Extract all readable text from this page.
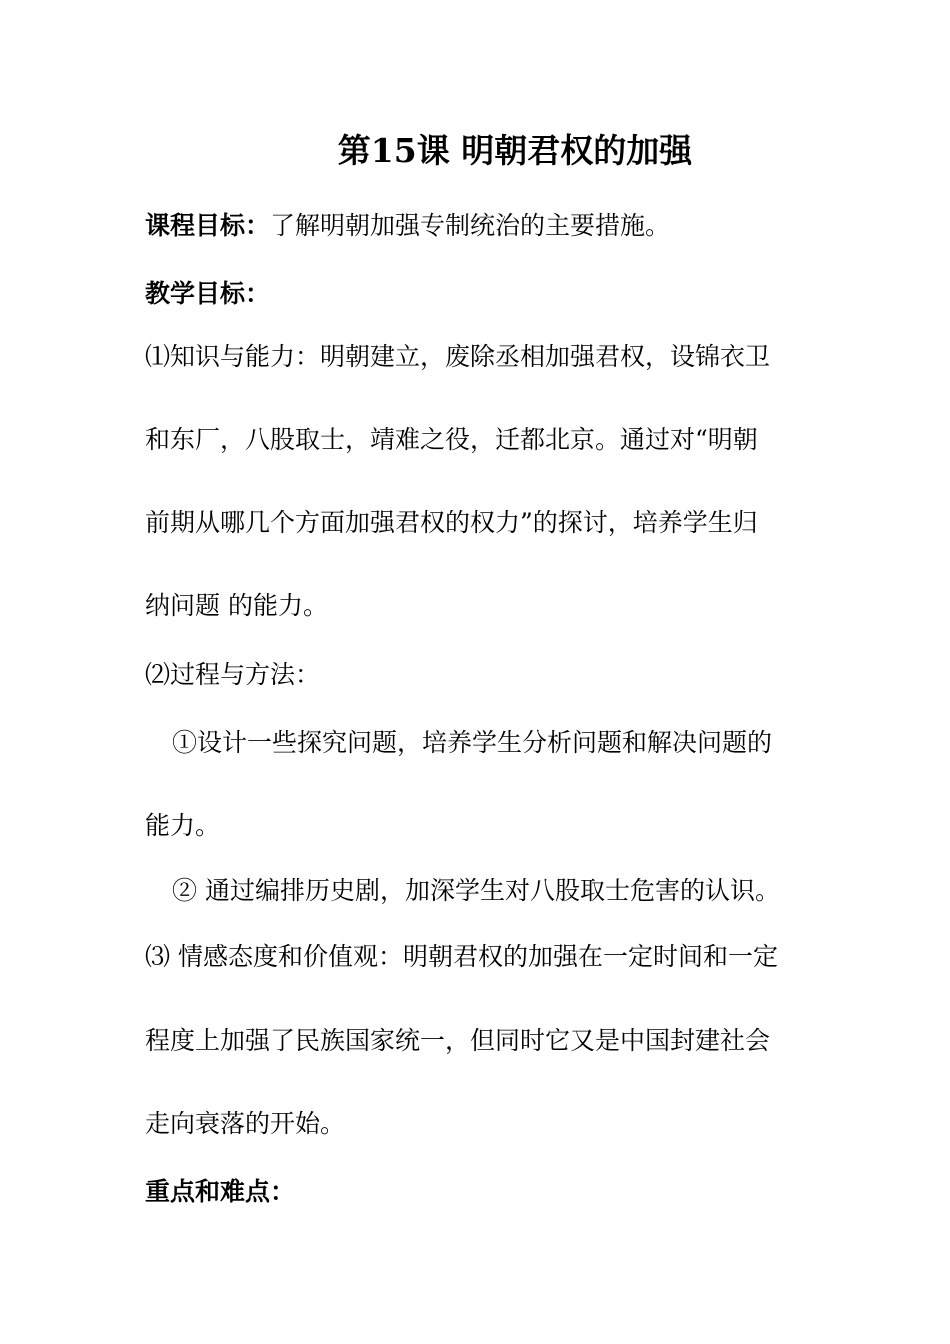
第15课 明朝君权的加强
课程目标：了解明朝加强专制统治的主要措施。
教学目标：
⑴知识与能力：明朝建立，废除丞相加强君权，设锦衣卫
和东厂，八股取士，靖难之役，迁都北京。通过对“明朝
前期从哪几个方面加强君权的权力”的探讨，培养学生归
纳问题 的能力。
⑵过程与方法：
①设计一些探究问题，培养学生分析问题和解决问题的
能力。
② 通过编排历史剧，加深学生对八股取士危害的认识。
⑶ 情感态度和价值观：明朝君权的加强在一定时间和一定
程度上加强了民族国家统一，但同时它又是中国封建社会
走向衰落的开始。
重点和难点：
